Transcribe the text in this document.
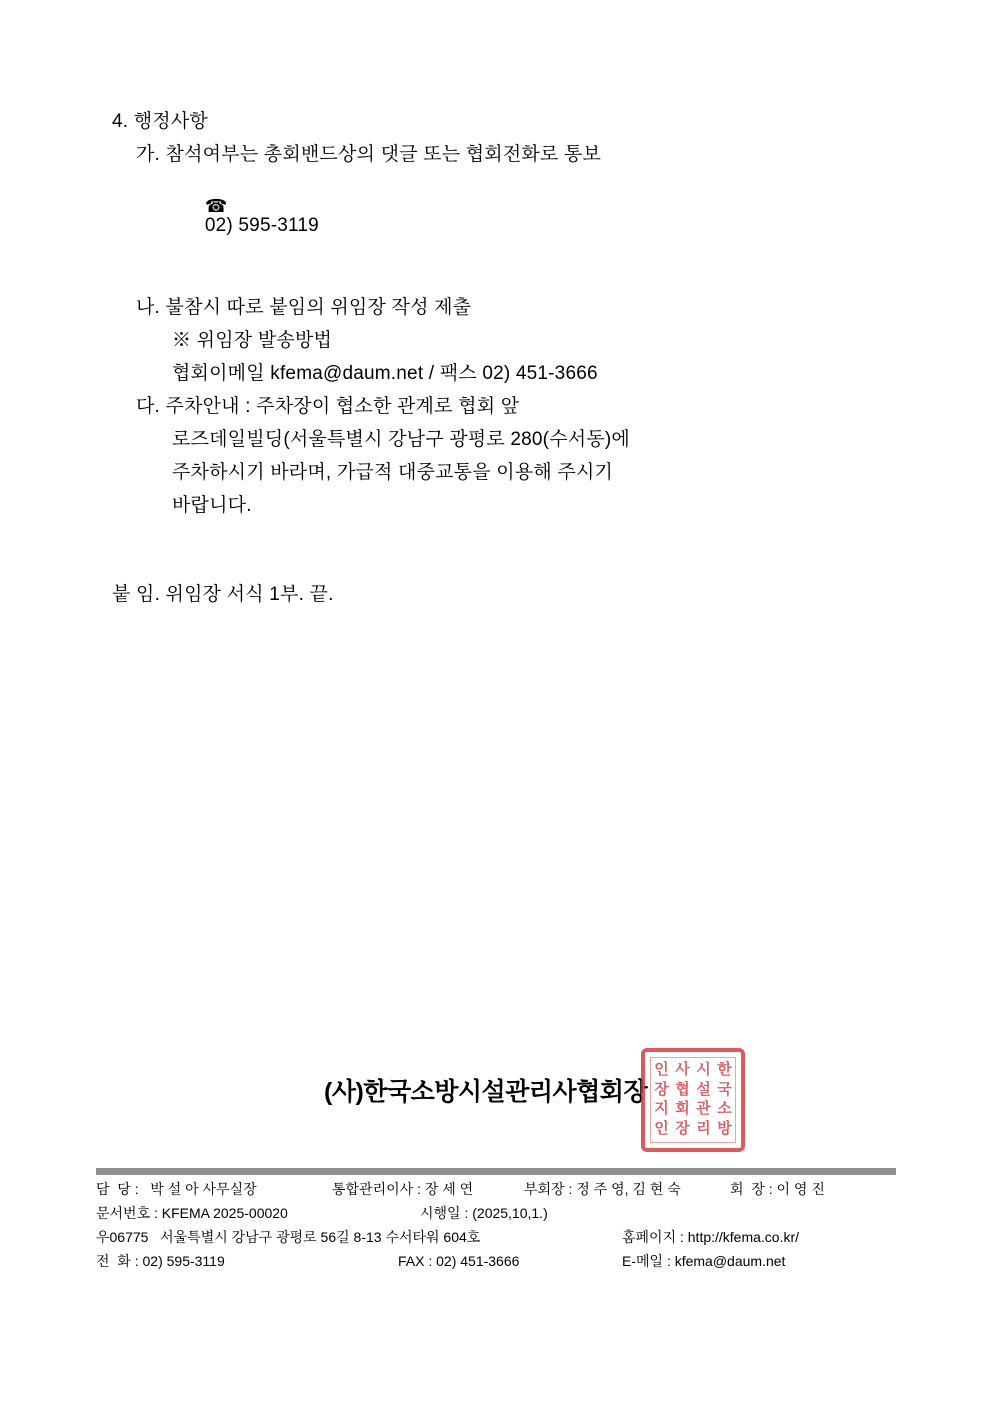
4. 행정사항
가. 참석여부는 총회밴드상의 댓글 또는 협회전화로 통보

☎
02) 595-3119

나. 불참시 따로 붙임의 위임장 작성 제출
※ 위임장 발송방법
협회이메일 kfema@daum.net / 팩스 02) 451-3666
다. 주차안내 : 주차장이 협소한 관계로 협회 앞
로즈데일빌딩(서울특별시 강남구 광평로 280(수서동)에
주차하시기 바라며, 가급적 대중교통을 이용해 주시기
바랍니다.
붙 임. 위임장 서식 1부. 끝.
(사)한국소방시설관리사협회장
인
장
지
인
사
협
회
장
시
설
관
리
한
국
소
방

담  당 :   박 설 아 사무실장

	통합관리이사 : 장 세 연

	부회장 : 정 주 영, 김 현 숙

	회  장 : 이 영 진

문서번호 : KFEMA 2025-00020

	시행일 : (2025,10,1.)

우06775   서울특별시 강남구 광평로 56길 8-13 수서타워 604호

	홈페이지 : http://kfema.co.kr/

전  화 : 02) 595-3119

	FAX : 02) 451-3666

	E-메일 : kfema@daum.net
